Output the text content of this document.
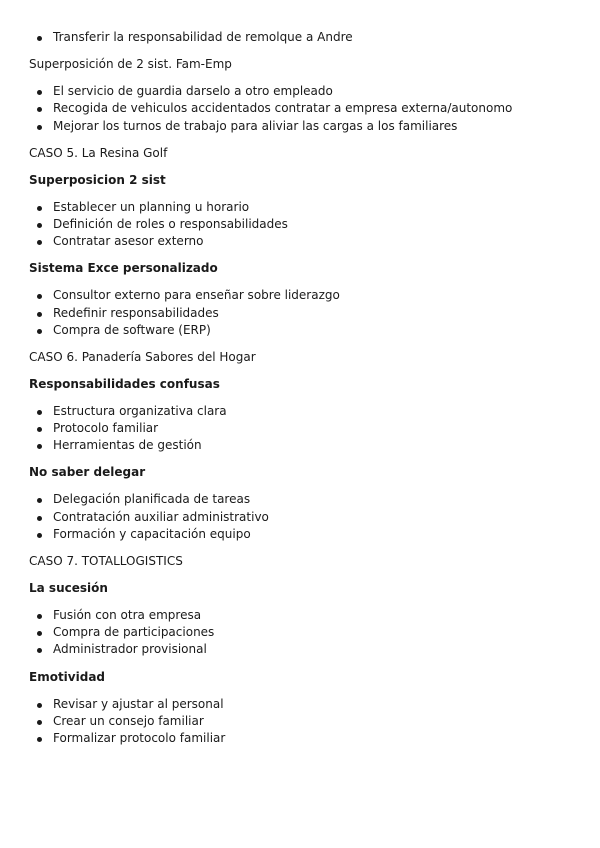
Transferir la responsabilidad de remolque a Andre
Superposición de 2 sist. Fam-Emp
El servicio de guardia darselo a otro empleado
Recogida de vehiculos accidentados contratar a empresa externa/autonomo
Mejorar los turnos de trabajo para aliviar las cargas a los familiares
CASO 5. La Resina Golf
Superposicion 2 sist
Establecer un planning u horario
Definición de roles o responsabilidades
Contratar asesor externo
Sistema Exce personalizado
Consultor externo para enseñar sobre liderazgo
Redefinir responsabilidades
Compra de software (ERP)
CASO 6. Panadería Sabores del Hogar
Responsabilidades confusas
Estructura organizativa clara
Protocolo familiar
Herramientas de gestión
No saber delegar
Delegación planificada de tareas
Contratación auxiliar administrativo
Formación y capacitación equipo
CASO 7. TOTALLOGISTICS
La sucesión
Fusión con otra empresa
Compra de participaciones
Administrador provisional
Emotividad
Revisar y ajustar al personal
Crear un consejo familiar
Formalizar protocolo familiar
